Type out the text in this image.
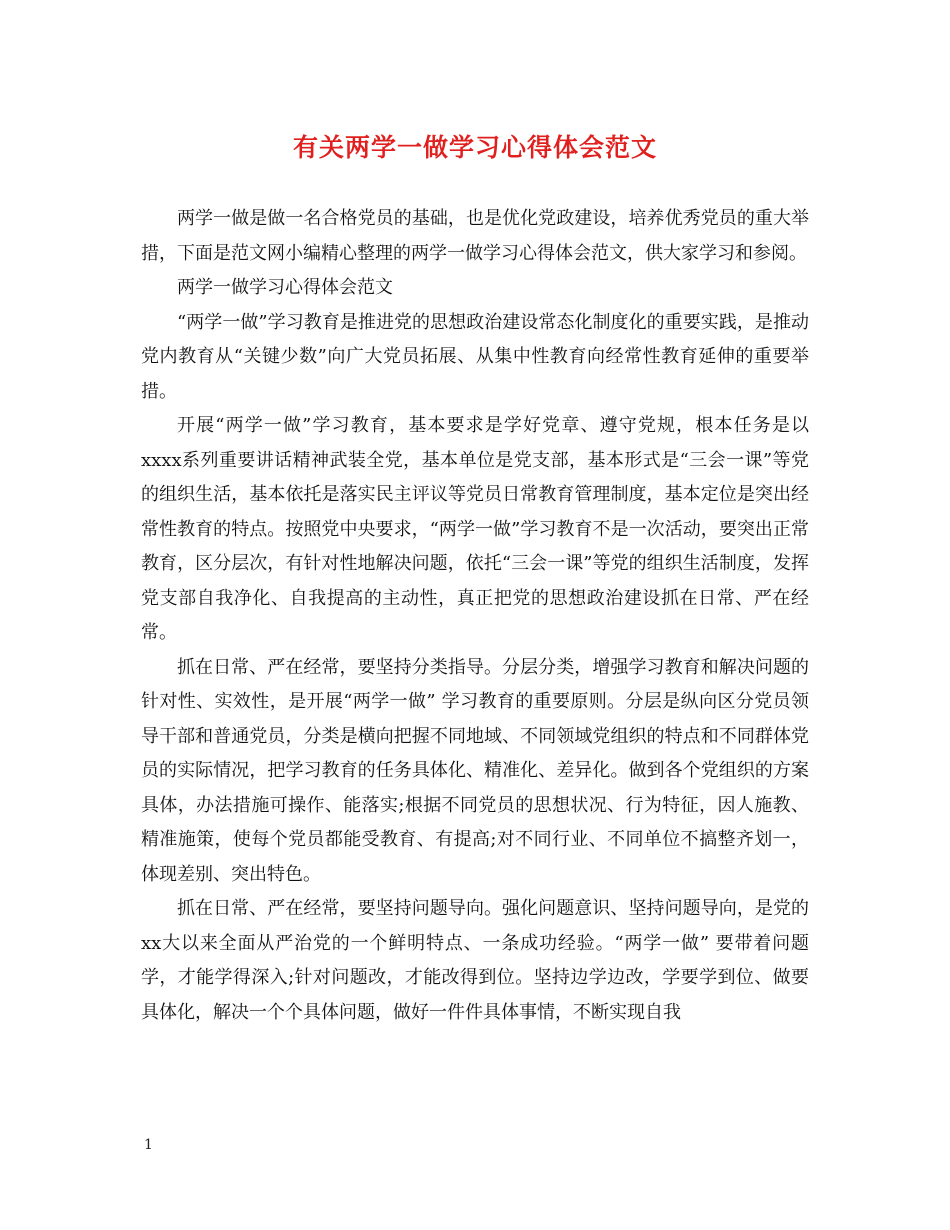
有关两学一做学习心得体会范文

两学一做是做一名合格党员的基础，也是优化党政建设，培养优秀党员的重大举措，下面是范文网小编精心整理的两学一做学习心得体会范文，供大家学习和参阅。

两学一做学习心得体会范文

“两学一做”学习教育是推进党的思想政治建设常态化制度化的重要实践，是推动党内教育从“关键少数”向广大党员拓展、从集中性教育向经常性教育延伸的重要举措。

开展“两学一做”学习教育，基本要求是学好党章、遵守党规，根本任务是以xxxx系列重要讲话精神武装全党，基本单位是党支部，基本形式是“三会一课”等党的组织生活，基本依托是落实民主评议等党员日常教育管理制度，基本定位是突出经常性教育的特点。按照党中央要求，“两学一做”学习教育不是一次活动，要突出正常教育，区分层次，有针对性地解决问题，依托“三会一课”等党的组织生活制度，发挥党支部自我净化、自我提高的主动性，真正把党的思想政治建设抓在日常、严在经常。

抓在日常、严在经常，要坚持分类指导。分层分类，增强学习教育和解决问题的针对性、实效性，是开展“两学一做” 学习教育的重要原则。分层是纵向区分党员领导干部和普通党员，分类是横向把握不同地域、不同领域党组织的特点和不同群体党员的实际情况，把学习教育的任务具体化、精准化、差异化。做到各个党组织的方案具体，办法措施可操作、能落实;根据不同党员的思想状况、行为特征，因人施教、精准施策，使每个党员都能受教育、有提高;对不同行业、不同单位不搞整齐划一，体现差别、突出特色。

抓在日常、严在经常，要坚持问题导向。强化问题意识、坚持问题导向，是党的xx大以来全面从严治党的一个鲜明特点、一条成功经验。“两学一做” 要带着问题学，才能学得深入;针对问题改，才能改得到位。坚持边学边改，学要学到位、做要具体化，解决一个个具体问题，做好一件件具体事情，不断实现自我

1
